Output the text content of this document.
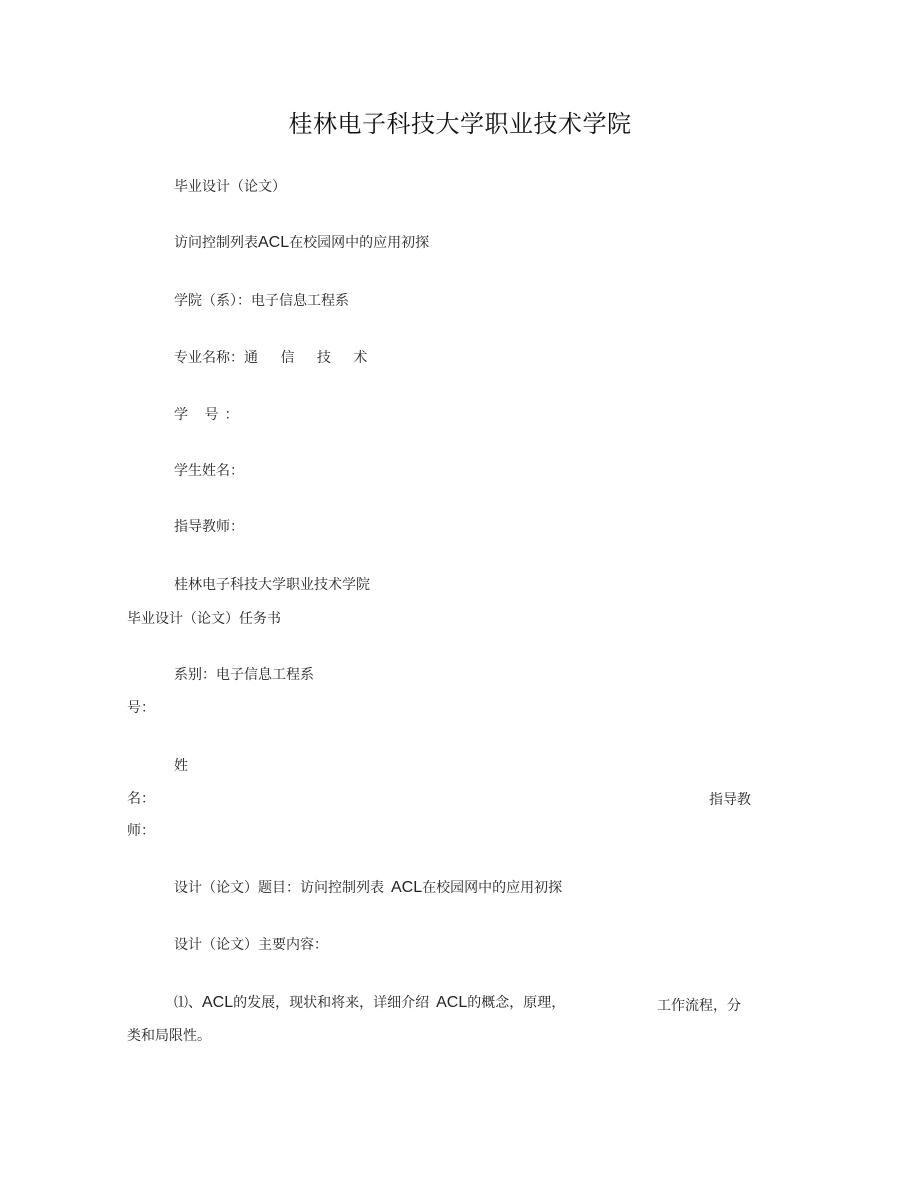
桂林电子科技大学职业技术学院
毕业设计（论文）
访问控制列表ACL在校园网中的应用初探
学院（系）：电子信息工程系
专业名称：通 信 技 术
学 号：
学生姓名：
指导教师：
桂林电子科技大学职业技术学院
毕业设计（论文）任务书
系别：电子信息工程系
号：
姓
名：	指导教
师：
设计（论文）题目：访问控制列表 ACL在校园网中的应用初探
设计（论文）主要内容：
⑴、ACL的发展，现状和将来，详细介绍 ACL的概念，原理，	工作流程，分
类和局限性。
